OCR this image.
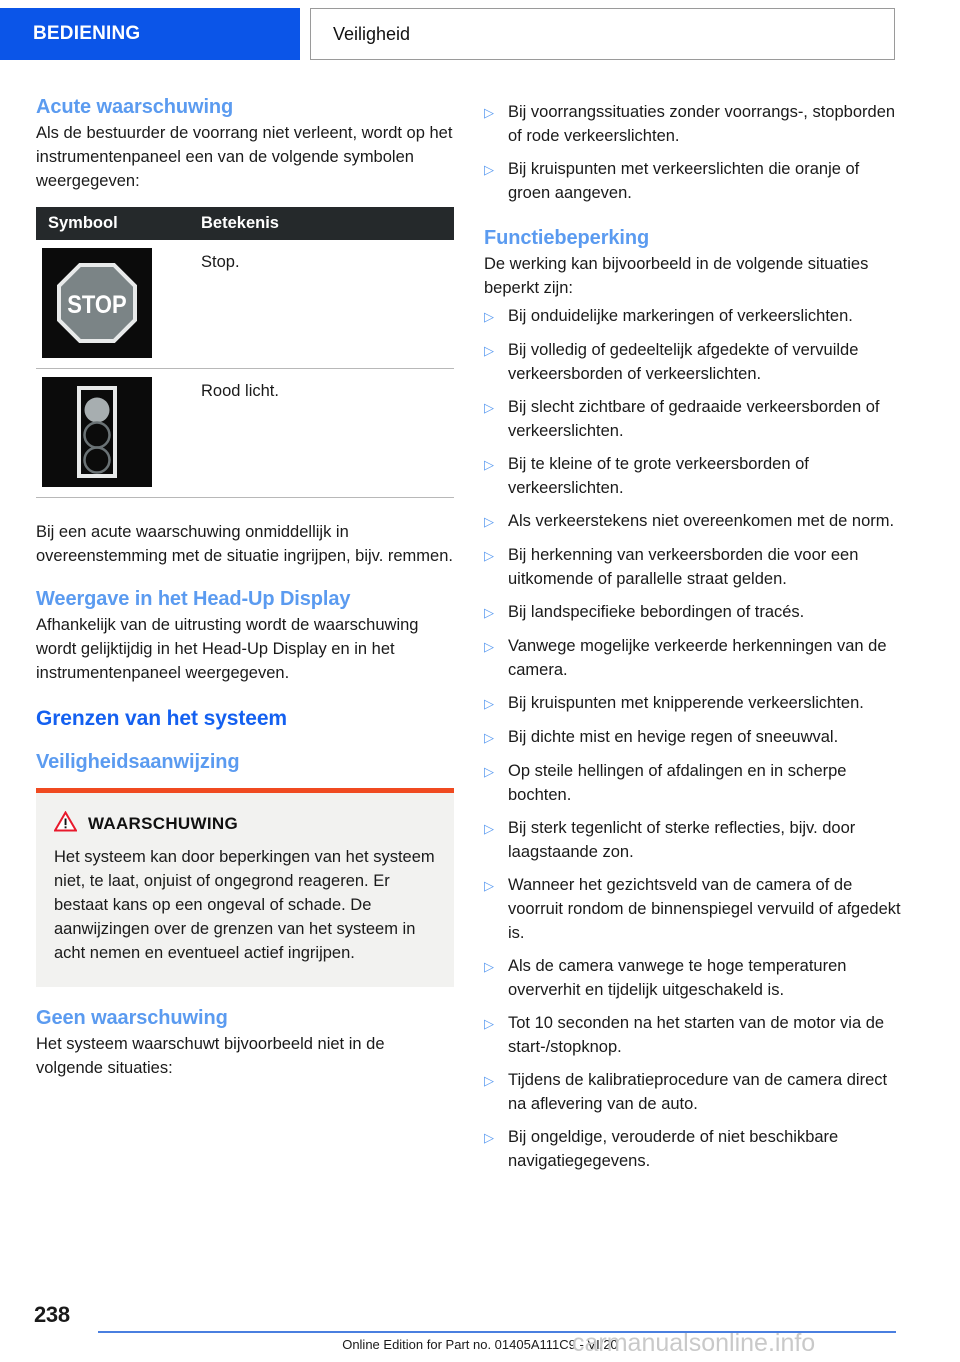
BEDIENING	Veiligheid
Acute waarschuwing

Als de bestuurder de voorrang niet verleent, wordt op het instrumentenpaneel een van de volgende symbolen weergegeven:

Symbool	Betekenis
STOP
Stop.
Rood licht.

Bij een acute waarschuwing onmiddellijk in overeenstemming met de situatie ingrijpen, bijv. remmen.

Weergave in het Head-Up Display

Afhankelijk van de uitrusting wordt de waarschuwing wordt gelijktijdig in het Head-Up Display en in het instrumentenpaneel weergegeven.

Grenzen van het systeem
Veiligheidsaanwijzing
WAARSCHUWING
Het systeem kan door beperkingen van het systeem niet, te laat, onjuist of ongegrond reageren. Er bestaat kans op een ongeval of schade. De aanwijzingen over de grenzen van het systeem in acht nemen en eventueel actief ingrijpen.
Geen waarschuwing

Het systeem waarschuwt bijvoorbeeld niet in de volgende situaties:

▷ Bij voorrangssituaties zonder voorrangs-, stopborden of rode verkeerslichten.
▷ Bij kruispunten met verkeerslichten die oranje of groen aangeven.
Functiebeperking

De werking kan bijvoorbeeld in de volgende situaties beperkt zijn:

▷ Bij onduidelijke markeringen of verkeerslichten.
▷ Bij volledig of gedeeltelijk afgedekte of vervuilde verkeersborden of verkeerslichten.
▷ Bij slecht zichtbare of gedraaide verkeersborden of verkeerslichten.
▷ Bij te kleine of te grote verkeersborden of verkeerslichten.
▷ Als verkeerstekens niet overeenkomen met de norm.
▷ Bij herkenning van verkeersborden die voor een uitkomende of parallelle straat gelden.
▷ Bij landspecifieke bebordingen of tracés.
▷ Vanwege mogelijke verkeerde herkenningen van de camera.
▷ Bij kruispunten met knipperende verkeerslichten.
▷ Bij dichte mist en hevige regen of sneeuwval.
▷ Op steile hellingen of afdalingen en in scherpe bochten.
▷ Bij sterk tegenlicht of sterke reflecties, bijv. door laagstaande zon.
▷ Wanneer het gezichtsveld van de camera of de voorruit rondom de binnenspiegel vervuild of afgedekt is.
▷ Als de camera vanwege te hoge temperaturen oververhit en tijdelijk uitgeschakeld is.
▷ Tot 10 seconden na het starten van de motor via de start-/stopknop.
▷ Tijdens de kalibratieprocedure van de camera direct na aflevering van de auto.
▷ Bij ongeldige, verouderde of niet beschikbare navigatiegegevens.
238
Online Edition for Part no. 01405A111C9 - VI/20
carmanualsonline.info
